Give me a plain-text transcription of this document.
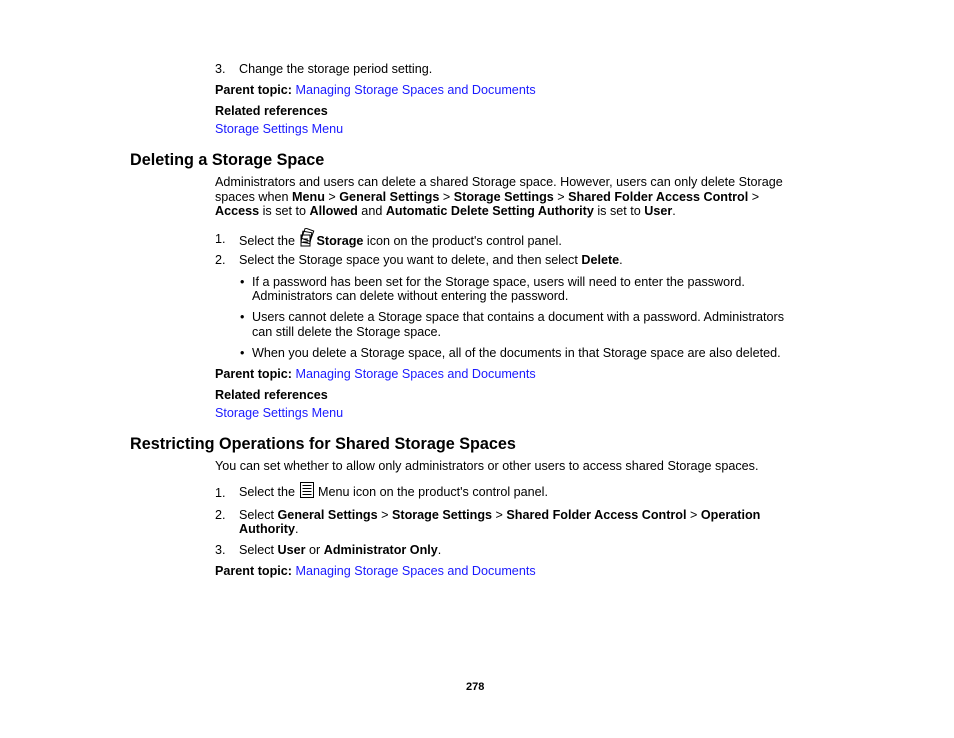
3. Change the storage period setting.
Parent topic: Managing Storage Spaces and Documents
Related references
Storage Settings Menu
Deleting a Storage Space
Administrators and users can delete a shared Storage space. However, users can only delete Storage
spaces when Menu > General Settings > Storage Settings > Shared Folder Access Control >
Access is set to Allowed and Automatic Delete Setting Authority is set to User.
1. Select the Storage icon on the product's control panel.
2. Select the Storage space you want to delete, and then select Delete.
• If a password has been set for the Storage space, users will need to enter the password.
Administrators can delete without entering the password.
• Users cannot delete a Storage space that contains a document with a password. Administrators
can still delete the Storage space.
• When you delete a Storage space, all of the documents in that Storage space are also deleted.
Parent topic: Managing Storage Spaces and Documents
Related references
Storage Settings Menu
Restricting Operations for Shared Storage Spaces
You can set whether to allow only administrators or other users to access shared Storage spaces.
1. Select the  Menu icon on the product's control panel.
2. Select General Settings > Storage Settings > Shared Folder Access Control > Operation
Authority.
3. Select User or Administrator Only.
Parent topic: Managing Storage Spaces and Documents
278
